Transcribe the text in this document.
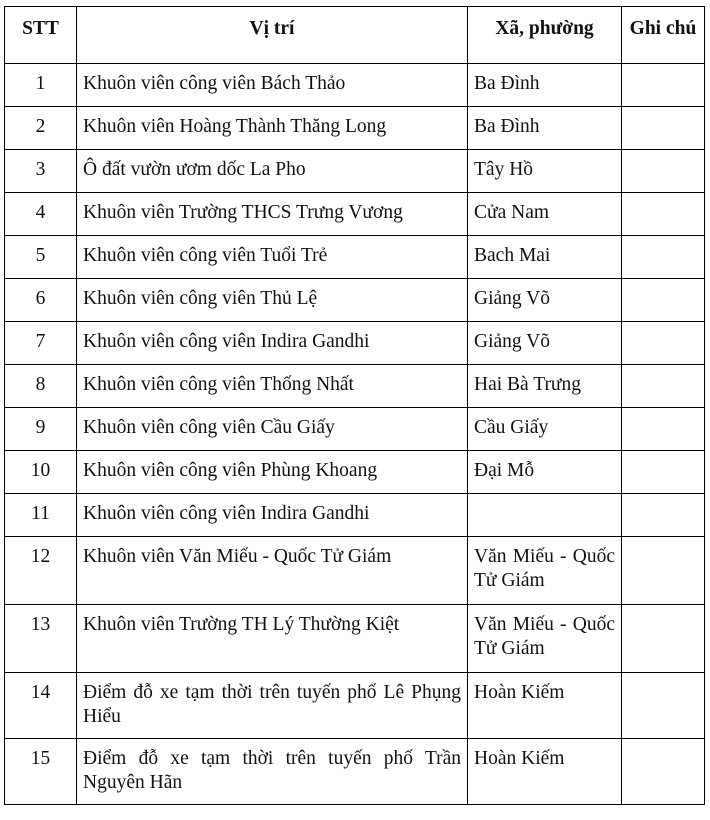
STT	Vị trí	Xã, phường	Ghi chú
1	Khuôn viên công viên Bách Thảo	Ba Đình	
2	Khuôn viên Hoàng Thành Thăng Long	Ba Đình	
3	Ô đất vườn ươm dốc La Pho	Tây Hồ	
4	Khuôn viên Trường THCS Trưng Vương	Cửa Nam	
5	Khuôn viên công viên Tuổi Trẻ	Bach Mai	
6	Khuôn viên công viên Thủ Lệ	Giảng Võ	
7	Khuôn viên công viên Indira Gandhi	Giảng Võ	
8	Khuôn viên công viên Thống Nhất	Hai Bà Trưng	
9	Khuôn viên công viên Cầu Giấy	Cầu Giấy	
10	Khuôn viên công viên Phùng Khoang	Đại Mỗ	
11	Khuôn viên công viên Indira Gandhi		
12	Khuôn viên Văn Miếu - Quốc Tử Giám	Văn Miếu - Quốc Tử Giám	
13	Khuôn viên Trường TH Lý Thường Kiệt	Văn Miếu - Quốc Tử Giám	
14	Điểm đỗ xe tạm thời trên tuyến phố Lê Phụng Hiểu	Hoàn Kiếm	
15	Điểm đỗ xe tạm thời trên tuyến phố Trần Nguyên Hãn	Hoàn Kiếm	
